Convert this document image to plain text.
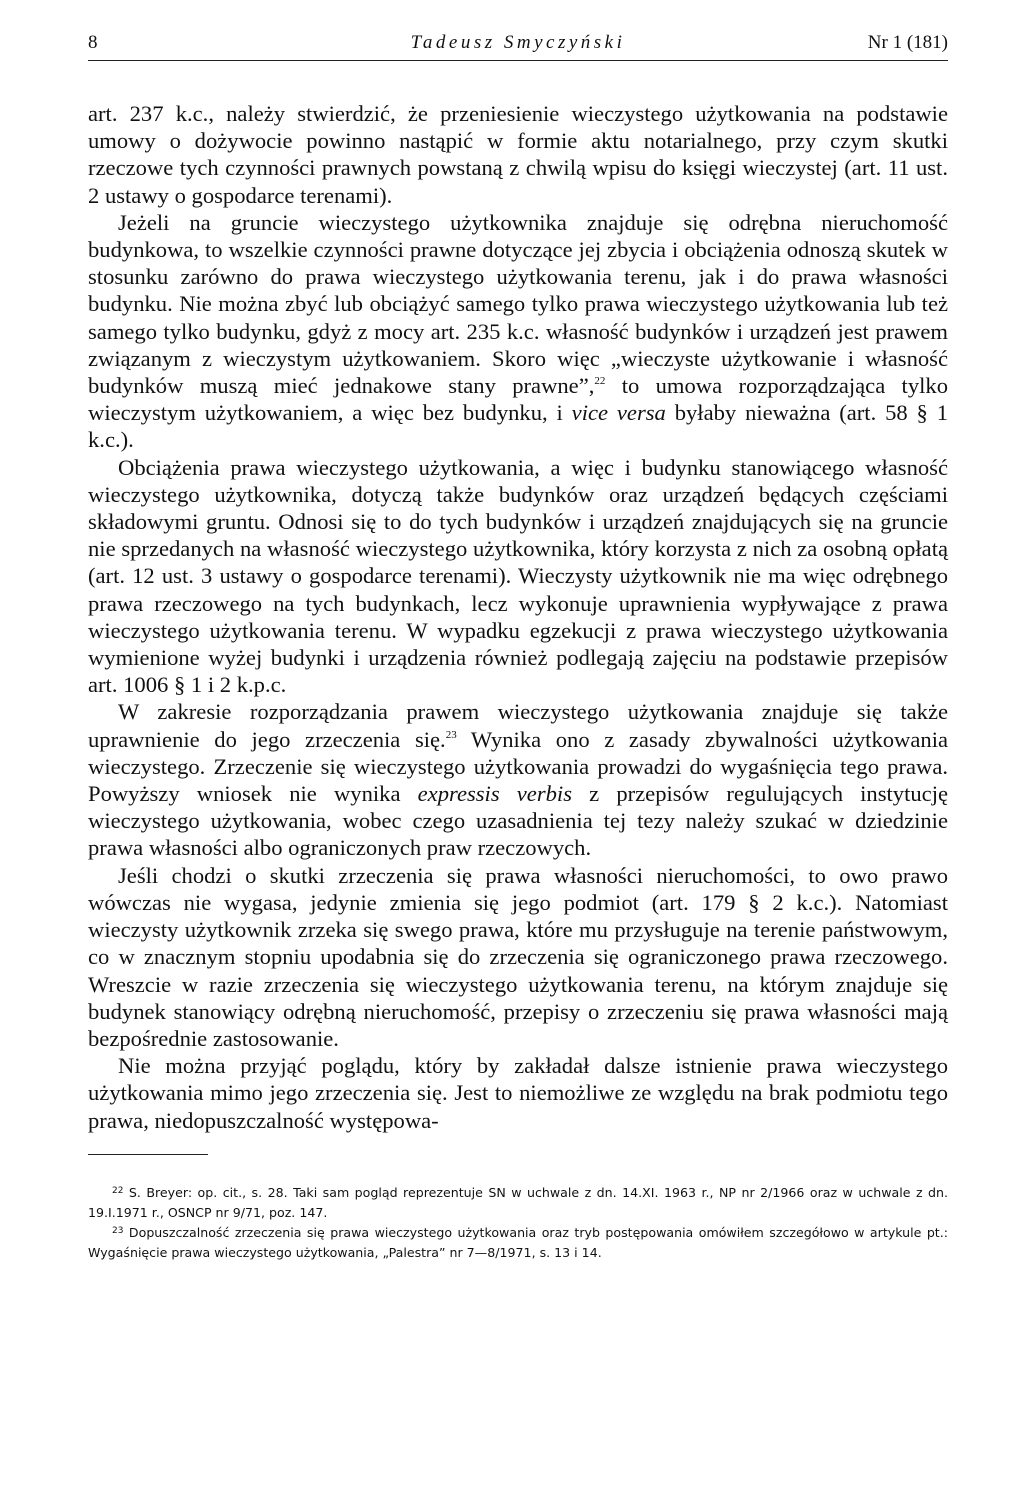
8	Tadeusz Smyczyński	Nr 1 (181)

art. 237 k.c., należy stwierdzić, że przeniesienie wieczystego użytkowania na podstawie umowy o dożywocie powinno nastąpić w formie aktu notarialnego, przy czym skutki rzeczowe tych czynności prawnych powstaną z chwilą wpisu do księgi wieczystej (art. 11 ust. 2 ustawy o gospodarce terenami).

Jeżeli na gruncie wieczystego użytkownika znajduje się odrębna nieruchomość budynkowa, to wszelkie czynności prawne dotyczące jej zbycia i obciążenia odnoszą skutek w stosunku zarówno do prawa wieczystego użytkowania terenu, jak i do prawa własności budynku. Nie można zbyć lub obciążyć samego tylko prawa wieczystego użytkowania lub też samego tylko budynku, gdyż z mocy art. 235 k.c. własność budynków i urządzeń jest prawem związanym z wieczystym użytkowaniem. Skoro więc „wieczyste użytkowanie i własność budynków muszą mieć jednakowe stany prawne”,$^{22}$ to umowa rozporządzająca tylko wieczystym użytkowaniem, a więc bez budynku, i vice versa byłaby nieważna (art. 58 § 1 k.c.).

Obciążenia prawa wieczystego użytkowania, a więc i budynku stanowiącego własność wieczystego użytkownika, dotyczą także budynków oraz urządzeń będących częściami składowymi gruntu. Odnosi się to do tych budynków i urządzeń znajdujących się na gruncie nie sprzedanych na własność wieczystego użytkownika, który korzysta z nich za osobną opłatą (art. 12 ust. 3 ustawy o gospodarce terenami). Wieczysty użytkownik nie ma więc odrębnego prawa rzeczowego na tych budynkach, lecz wykonuje uprawnienia wypływające z prawa wieczystego użytkowania terenu. W wypadku egzekucji z prawa wieczystego użytkowania wymienione wyżej budynki i urządzenia również podlegają zajęciu na podstawie przepisów art. 1006 § 1 i 2 k.p.c.

W zakresie rozporządzania prawem wieczystego użytkowania znajduje się także uprawnienie do jego zrzeczenia się.$^{23}$ Wynika ono z zasady zbywalności użytkowania wieczystego. Zrzeczenie się wieczystego użytkowania prowadzi do wygaśnięcia tego prawa. Powyższy wniosek nie wynika expressis verbis z przepisów regulujących instytucję wieczystego użytkowania, wobec czego uzasadnienia tej tezy należy szukać w dziedzinie prawa własności albo ograniczonych praw rzeczowych.

Jeśli chodzi o skutki zrzeczenia się prawa własności nieruchomości, to owo prawo wówczas nie wygasa, jedynie zmienia się jego podmiot (art. 179 § 2 k.c.). Natomiast wieczysty użytkownik zrzeka się swego prawa, które mu przysługuje na terenie państwowym, co w znacznym stopniu upodabnia się do zrzeczenia się ograniczonego prawa rzeczowego. Wreszcie w razie zrzeczenia się wieczystego użytkowania terenu, na którym znajduje się budynek stanowiący odrębną nieruchomość, przepisy o zrzeczeniu się prawa własności mają bezpośrednie zastosowanie.

Nie można przyjąć poglądu, który by zakładał dalsze istnienie prawa wieczystego użytkowania mimo jego zrzeczenia się. Jest to niemożliwe ze względu na brak podmiotu tego prawa, niedopuszczalność występowa-

$^{22}$ S. Breyer: op. cit., s. 28. Taki sam pogląd reprezentuje SN w uchwale z dn. 14.XI. 1963 r., NP nr 2/1966 oraz w uchwale z dn. 19.I.1971 r., OSNCP nr 9/71, poz. 147.

$^{23}$ Dopuszczalność zrzeczenia się prawa wieczystego użytkowania oraz tryb postępowania omówiłem szczegółowo w artykule pt.: Wygaśnięcie prawa wieczystego użytkowania, „Palestra” nr 7—8/1971, s. 13 i 14.
